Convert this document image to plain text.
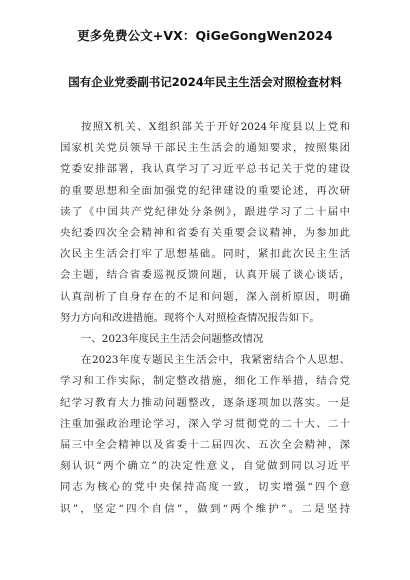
更多免费公文+VX：QiGeGongWen2024
国有企业党委副书记2024年民主生活会对照检查材料
按照X机关、X组织部关于开好2024年度县以上党和
国家机关党员领导干部民主生活会的通知要求，按照集团
党委安排部署，我认真学习了习近平总书记关于党的建设
的重要思想和全面加强党的纪律建设的重要论述，再次研
读了《中国共产党纪律处分条例》，跟进学习了二十届中
央纪委四次全会精神和省委有关重要会议精神，为参加此
次民主生活会打牢了思想基础。同时，紧扣此次民主生活
会主题，结合省委巡视反馈问题，认真开展了谈心谈话，
认真剖析了自身存在的不足和问题，深入剖析原因，明确
努力方向和改进措施。现将个人对照检查情况报告如下。
一、2023年度民主生活会问题整改情况
在2023年度专题民主生活会中，我紧密结合个人思想、
学习和工作实际，制定整改措施，细化工作举措，结合党
纪学习教育大力推动问题整改，逐条逐项加以落实。一是
注重加强政治理论学习，深入学习贯彻党的二十大、二十
届三中全会精神以及省委十二届四次、五次全会精神，深
刻认识“两个确立”的决定性意义，自觉做到同以习近平
同志为核心的党中央保持高度一致，切实增强“四个意
识”，坚定“四个自信”，做到“两个维护”。二是坚持
